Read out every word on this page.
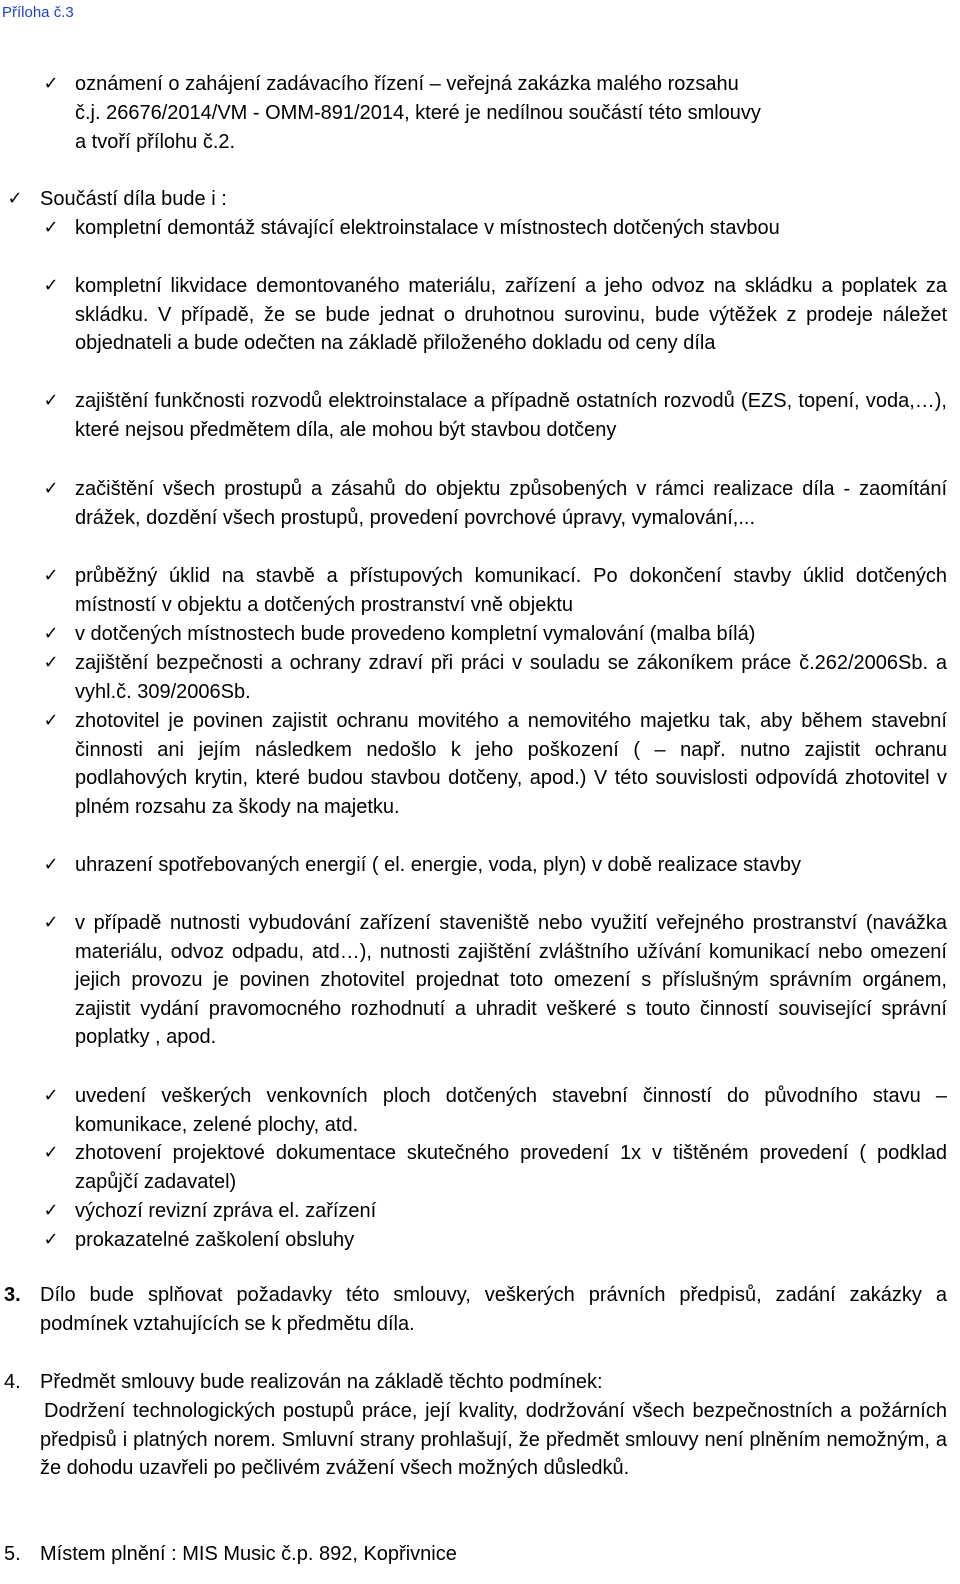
Příloha č.3
✓ oznámení o zahájení zadávacího řízení – veřejná zakázka malého rozsahu
č.j. 26676/2014/VM - OMM-891/2014, které je nedílnou součástí této smlouvy
a tvoří přílohu č.2.
✓ Součástí díla bude i :
✓ kompletní demontáž stávající elektroinstalace v místnostech dotčených stavbou
✓ kompletní likvidace demontovaného materiálu, zařízení a jeho odvoz na skládku a poplatek za skládku. V případě, že se bude jednat o druhotnou surovinu, bude výtěžek z prodeje náležet objednateli a bude odečten na základě přiloženého dokladu od ceny díla
✓ zajištění funkčnosti rozvodů elektroinstalace a případně ostatních rozvodů (EZS, topení, voda,…), které nejsou předmětem díla, ale mohou být stavbou dotčeny
✓ začištění všech prostupů a zásahů do objektu způsobených v rámci realizace díla - zaomítání drážek, dozdění všech prostupů, provedení povrchové úpravy, vymalování,...
✓ průběžný úklid na stavbě a přístupových komunikací. Po dokončení stavby úklid dotčených místností v objektu a dotčených prostranství vně objektu
✓ v dotčených místnostech bude provedeno kompletní vymalování (malba bílá)
✓ zajištění bezpečnosti a ochrany zdraví při práci v souladu se zákoníkem práce č.262/2006Sb. a vyhl.č. 309/2006Sb.
✓ zhotovitel je povinen zajistit ochranu movitého a nemovitého majetku tak, aby během stavební činnosti ani jejím následkem nedošlo k jeho poškození ( – např. nutno zajistit ochranu podlahových krytin, které budou stavbou dotčeny, apod.) V této souvislosti odpovídá zhotovitel v plném rozsahu za škody na majetku.
✓ uhrazení spotřebovaných energií ( el. energie, voda, plyn) v době realizace stavby
✓ v případě nutnosti vybudování zařízení staveniště nebo využití veřejného prostranství (navážka materiálu, odvoz odpadu, atd…), nutnosti zajištění zvláštního užívání komunikací nebo omezení jejich provozu je povinen zhotovitel projednat toto omezení s příslušným správním orgánem, zajistit vydání pravomocného rozhodnutí a uhradit veškeré s touto činností související správní poplatky , apod.
✓ uvedení veškerých venkovních ploch dotčených stavební činností do původního stavu – komunikace, zelené plochy, atd.
✓ zhotovení projektové dokumentace skutečného provedení 1x v tištěném provedení ( podklad zapůjčí zadavatel)
✓ výchozí revizní zpráva el. zařízení
✓ prokazatelné zaškolení obsluhy
3. Dílo bude splňovat požadavky této smlouvy, veškerých právních předpisů, zadání zakázky a podmínek vztahujících se k předmětu díla.
4. Předmět smlouvy bude realizován na základě těchto podmínek:
Dodržení technologických postupů práce, její kvality, dodržování všech bezpečnostních a požárních předpisů i platných norem. Smluvní strany prohlašují, že předmět smlouvy není plněním nemožným, a že dohodu uzavřeli po pečlivém zvážení všech možných důsledků.
5. Místem plnění : MIS Music č.p. 892, Kopřivnice
